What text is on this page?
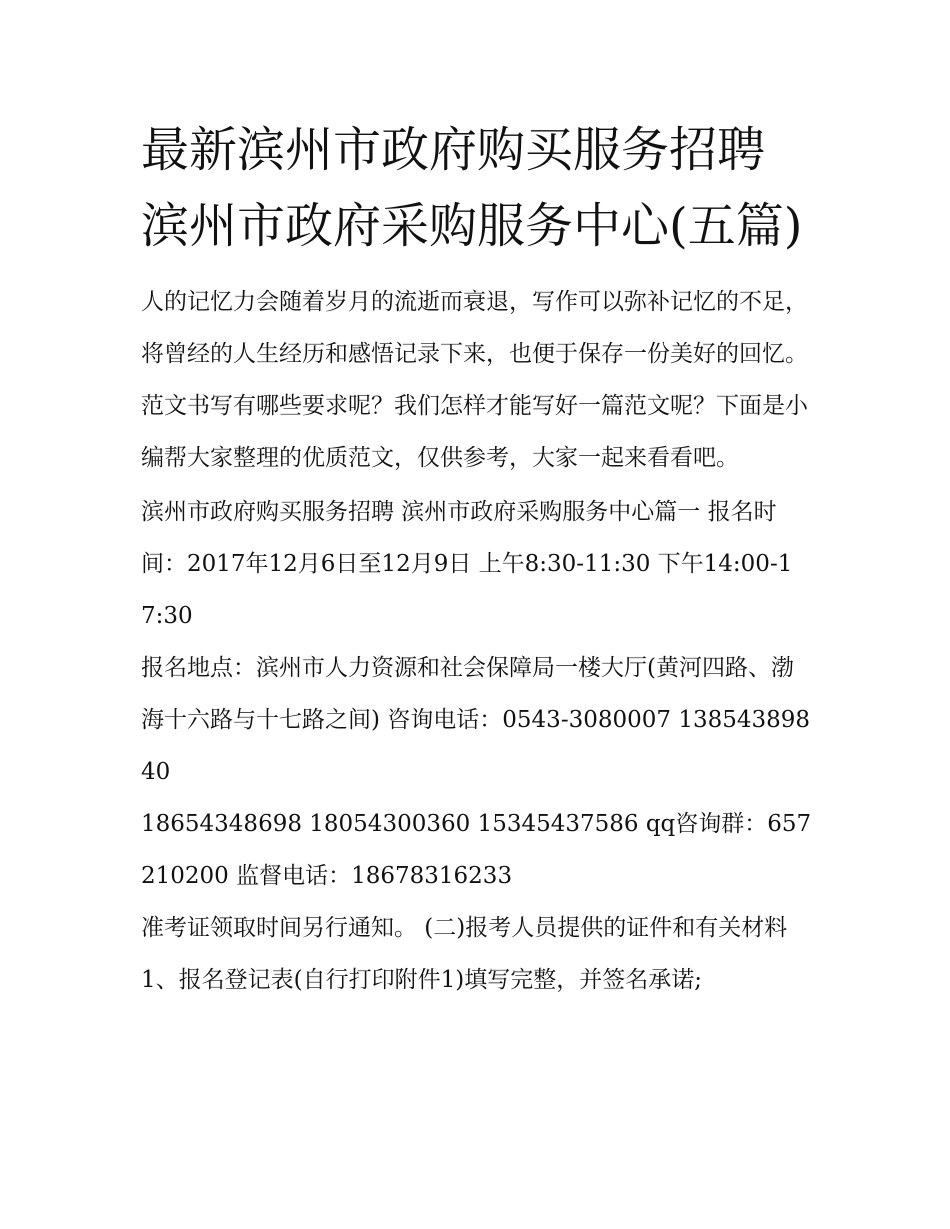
最新滨州市政府购买服务招聘 滨州市政府采购服务中心(五篇)

人的记忆力会随着岁月的流逝而衰退，写作可以弥补记忆的不足，将曾经的人生经历和感悟记录下来，也便于保存一份美好的回忆。范文书写有哪些要求呢？我们怎样才能写好一篇范文呢？下面是小编帮大家整理的优质范文，仅供参考，大家一起来看看吧。

滨州市政府购买服务招聘 滨州市政府采购服务中心篇一 报名时间：2017年12月6日至12月9日 上午8:30-11:30 下午14:00-17:30

报名地点：滨州市人力资源和社会保障局一楼大厅(黄河四路、渤海十六路与十七路之间) 咨询电话：0543-3080007 13854389840

18654348698 18054300360 15345437586 qq咨询群：657210200 监督电话：18678316233

准考证领取时间另行通知。 (二)报考人员提供的证件和有关材料 1、报名登记表(自行打印附件1)填写完整，并签名承诺;
